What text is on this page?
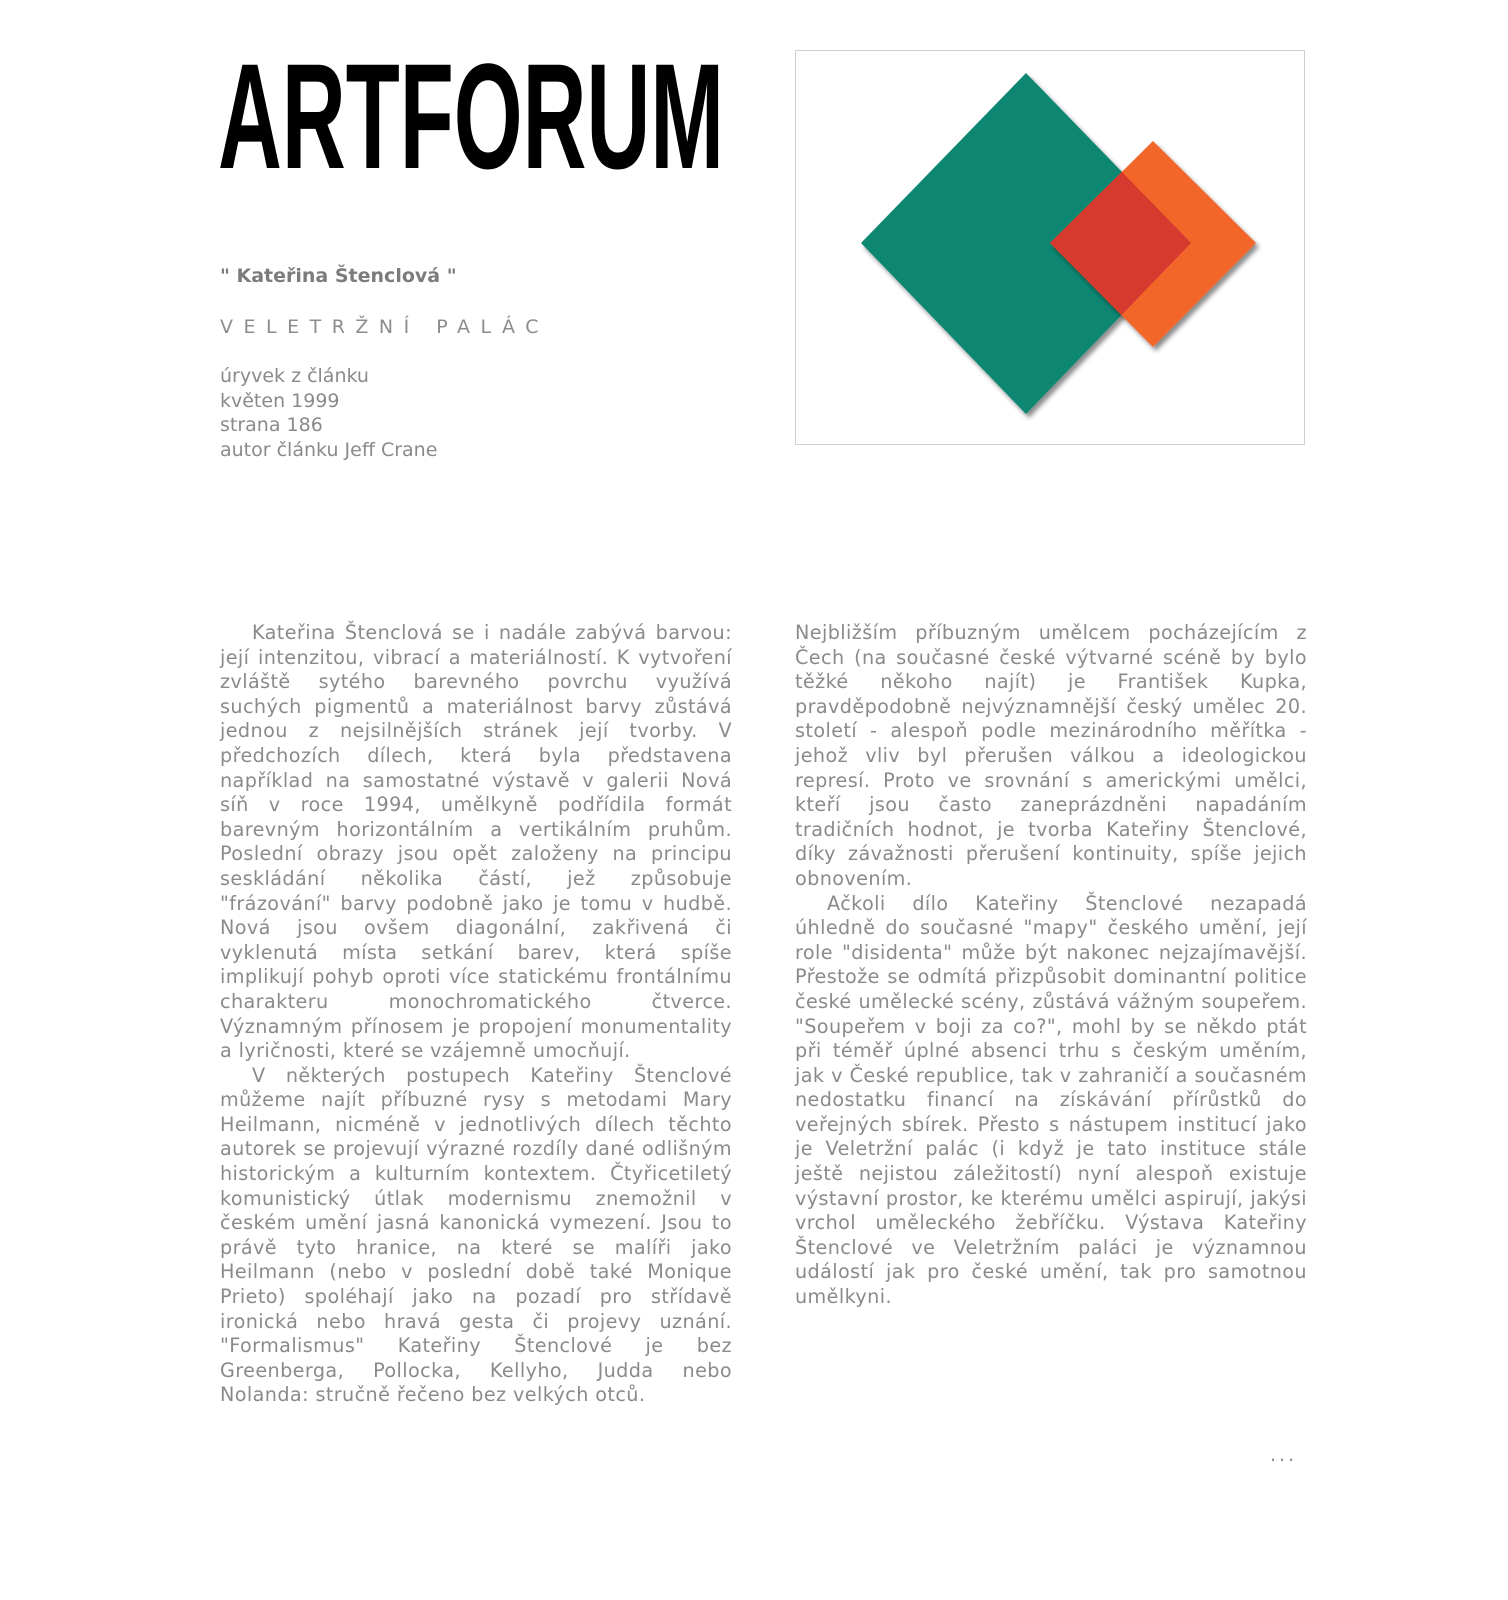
ARTFORUM
" Kateřina Štenclová "
VELETRŽNÍ PALÁC
úryvek z článku
květen 1999
strana 186
autor článku Jeff Crane

Kateřina Štenclová se i nadále zabývá barvou: její intenzitou, vibrací a materiálností. K vytvoření zvláště sytého barevného povrchu využívá suchých pigmentů a materiálnost barvy zůstává jednou z nejsilnějších stránek její tvorby. V předchozích dílech, která byla představena například na samostatné výstavě v galerii Nová síň v roce 1994, umělkyně podřídila formát barevným horizontálním a vertikálním pruhům. Poslední obrazy jsou opět založeny na principu seskládání několika částí, jež způsobuje "frázování" barvy podobně jako je tomu v hudbě. Nová jsou ovšem diagonální, zakřivená či vyklenutá místa setkání barev, která spíše implikují pohyb oproti více statickému frontálnímu charakteru monochromatického čtverce. Významným přínosem je propojení monumentality a lyričnosti, které se vzájemně umocňují.

V některých postupech Kateřiny Štenclové můžeme najít příbuzné rysy s metodami Mary Heilmann, nicméně v jednotlivých dílech těchto autorek se projevují výrazné rozdíly dané odlišným historickým a kulturním kontextem. Čtyřicetiletý komunistický útlak modernismu znemožnil v českém umění jasná kanonická vymezení. Jsou to právě tyto hranice, na které se malíři jako Heilmann (nebo v poslední době také Monique Prieto) spoléhají jako na pozadí pro střídavě ironická nebo hravá gesta či projevy uznání. "Formalismus" Kateřiny Štenclové je bez Greenberga, Pollocka, Kellyho, Judda nebo Nolanda: stručně řečeno bez velkých otců.

Nejbližším příbuzným umělcem pocházejícím z Čech (na současné české výtvarné scéně by bylo těžké někoho najít) je František Kupka, pravděpodobně nejvýznamnější český umělec 20. století - alespoň podle mezinárodního měřítka - jehož vliv byl přerušen válkou a ideologickou represí. Proto ve srovnání s americkými umělci, kteří jsou často zaneprázdněni napadáním tradičních hodnot, je tvorba Kateřiny Štenclové, díky závažnosti přerušení kontinuity, spíše jejich obnovením.

Ačkoli dílo Kateřiny Štenclové nezapadá úhledně do současné "mapy" českého umění, její role "disidenta" může být nakonec nejzajímavější. Přestože se odmítá přizpůsobit dominantní politice české umělecké scény, zůstává vážným soupeřem. "Soupeřem v boji za co?", mohl by se někdo ptát při téměř úplné absenci trhu s českým uměním, jak v České republice, tak v zahraničí a současném nedostatku financí na získávání přírůstků do veřejných sbírek. Přesto s nástupem institucí jako je Veletržní palác (i když je tato instituce stále ještě nejistou záležitostí) nyní alespoň existuje výstavní prostor, ke kterému umělci aspirují, jakýsi vrchol uměleckého žebříčku. Výstava Kateřiny Štenclové ve Veletržním paláci je významnou událostí jak pro české umění, tak pro samotnou umělkyni.

...
